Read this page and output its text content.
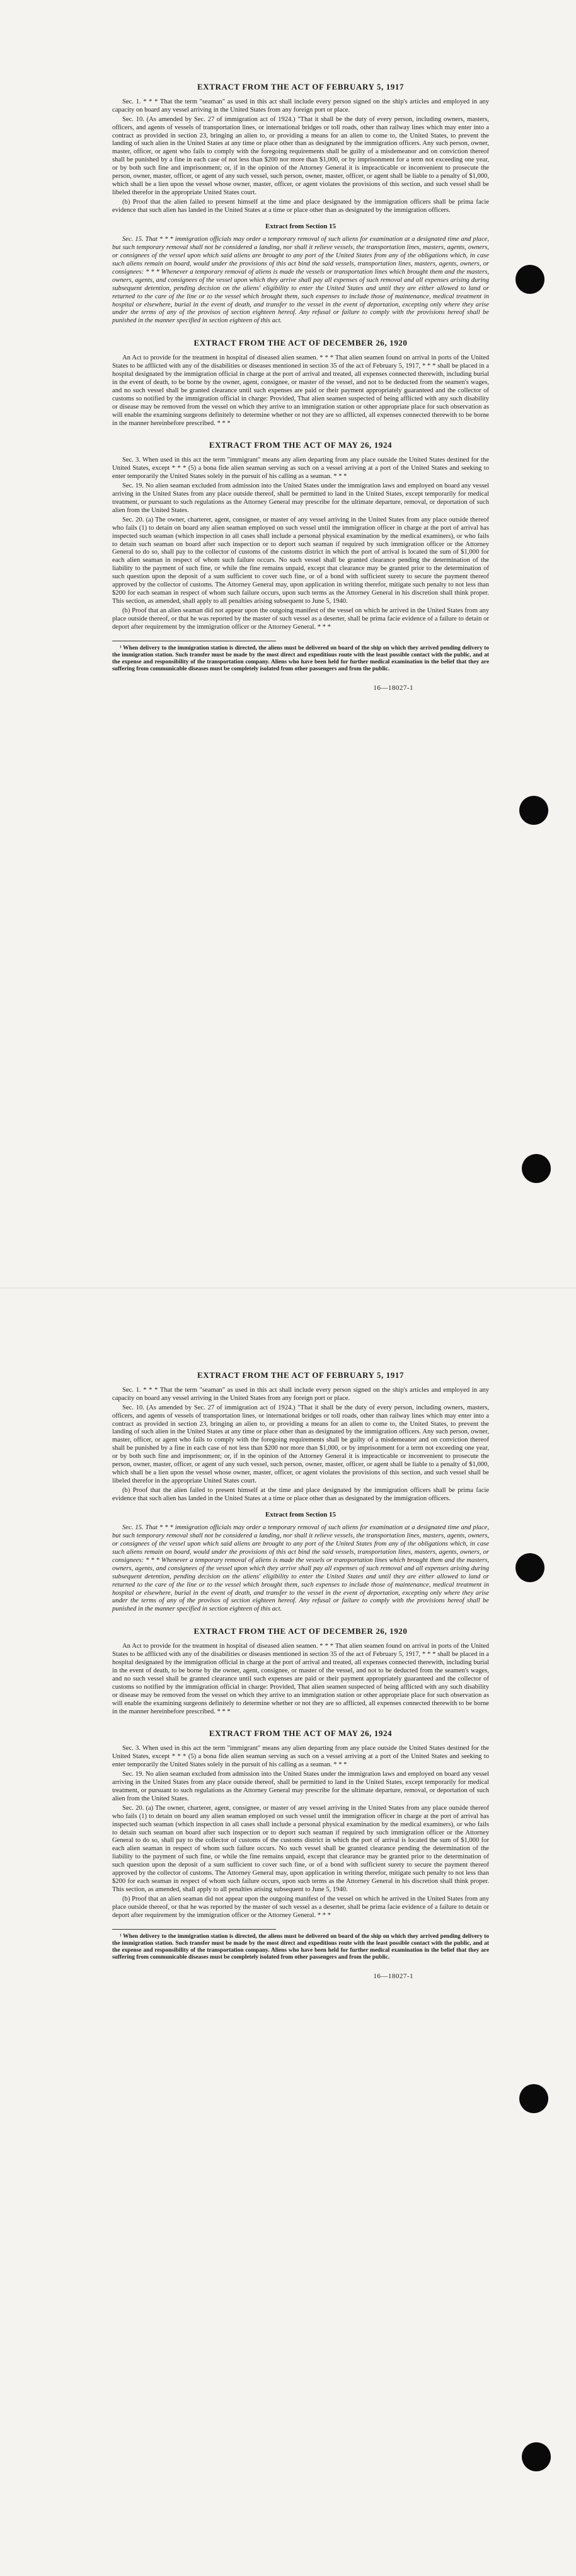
EXTRACT FROM THE ACT OF FEBRUARY 5, 1917

Sec. 1. * * * That the term "seaman" as used in this act shall include every person signed on the ship's articles and employed in any capacity on board any vessel arriving in the United States from any foreign port or place.

Sec. 10. (As amended by Sec. 27 of immigration act of 1924.) "That it shall be the duty of every person, including owners, masters, officers, and agents of vessels of transportation lines, or international bridges or toll roads, other than railway lines which may enter into a contract as provided in section 23, bringing an alien to, or providing a means for an alien to come to, the United States, to prevent the landing of such alien in the United States at any time or place other than as designated by the immigration officers. Any such person, owner, master, officer, or agent who fails to comply with the foregoing requirements shall be guilty of a misdemeanor and on conviction thereof shall be punished by a fine in each case of not less than $200 nor more than $1,000, or by imprisonment for a term not exceeding one year, or by both such fine and imprisonment; or, if in the opinion of the Attorney General it is impracticable or inconvenient to prosecute the person, owner, master, officer, or agent of any such vessel, such person, owner, master, officer, or agent shall be liable to a penalty of $1,000, which shall be a lien upon the vessel whose owner, master, officer, or agent violates the provisions of this section, and such vessel shall be libeled therefor in the appropriate United States court.

(b) Proof that the alien failed to present himself at the time and place designated by the immigration officers shall be prima facie evidence that such alien has landed in the United States at a time or place other than as designated by the immigration officers.

Extract from Section 15

Sec. 15. That * * * immigration officials may order a temporary removal of such aliens for examination at a designated time and place, but such temporary removal shall not be considered a landing, nor shall it relieve vessels, the transportation lines, masters, agents, owners, or consignees of the vessel upon which said aliens are brought to any port of the United States from any of the obligations which, in case such aliens remain on board, would under the provisions of this act bind the said vessels, transportation lines, masters, agents, owners, or consignees: * * * Whenever a temporary removal of aliens is made the vessels or transportation lines which brought them and the masters, owners, agents, and consignees of the vessel upon which they arrive shall pay all expenses of such removal and all expenses arising during subsequent detention, pending decision on the aliens' eligibility to enter the United States and until they are either allowed to land or returned to the care of the line or to the vessel which brought them, such expenses to include those of maintenance, medical treatment in hospital or elsewhere, burial in the event of death, and transfer to the vessel in the event of deportation, excepting only where they arise under the terms of any of the provisos of section eighteen hereof. Any refusal or failure to comply with the provisions hereof shall be punished in the manner specified in section eighteen of this act.

EXTRACT FROM THE ACT OF DECEMBER 26, 1920

An Act to provide for the treatment in hospital of diseased alien seamen. * * * That alien seamen found on arrival in ports of the United States to be afflicted with any of the disabilities or diseases mentioned in section 35 of the act of February 5, 1917, * * * shall be placed in a hospital designated by the immigration official in charge at the port of arrival and treated, all expenses connected therewith, including burial in the event of death, to be borne by the owner, agent, consignee, or master of the vessel, and not to be deducted from the seamen's wages, and no such vessel shall be granted clearance until such expenses are paid or their payment appropriately guaranteed and the collector of customs so notified by the immigration official in charge: Provided, That alien seamen suspected of being afflicted with any such disability or disease may be removed from the vessel on which they arrive to an immigration station or other appropriate place for such observation as will enable the examining surgeons definitely to determine whether or not they are so afflicted, all expenses connected therewith to be borne in the manner hereinbefore prescribed. * * *

EXTRACT FROM THE ACT OF MAY 26, 1924

Sec. 3. When used in this act the term "immigrant" means any alien departing from any place outside the United States destined for the United States, except * * * (5) a bona fide alien seaman serving as such on a vessel arriving at a port of the United States and seeking to enter temporarily the United States solely in the pursuit of his calling as a seaman. * * *

Sec. 19. No alien seaman excluded from admission into the United States under the immigration laws and employed on board any vessel arriving in the United States from any place outside thereof, shall be permitted to land in the United States, except temporarily for medical treatment, or pursuant to such regulations as the Attorney General may prescribe for the ultimate departure, removal, or deportation of such alien from the United States.

Sec. 20. (a) The owner, charterer, agent, consignee, or master of any vessel arriving in the United States from any place outside thereof who fails (1) to detain on board any alien seaman employed on such vessel until the immigration officer in charge at the port of arrival has inspected such seaman (which inspection in all cases shall include a personal physical examination by the medical examiners), or who fails to detain such seaman on board after such inspection or to deport such seaman if required by such immigration officer or the Attorney General to do so, shall pay to the collector of customs of the customs district in which the port of arrival is located the sum of $1,000 for each alien seaman in respect of whom such failure occurs. No such vessel shall be granted clearance pending the determination of the liability to the payment of such fine, or while the fine remains unpaid, except that clearance may be granted prior to the determination of such question upon the deposit of a sum sufficient to cover such fine, or of a bond with sufficient surety to secure the payment thereof approved by the collector of customs. The Attorney General may, upon application in writing therefor, mitigate such penalty to not less than $200 for each seaman in respect of whom such failure occurs, upon such terms as the Attorney General in his discretion shall think proper. This section, as amended, shall apply to all penalties arising subsequent to June 5, 1940.

(b) Proof that an alien seaman did not appear upon the outgoing manifest of the vessel on which he arrived in the United States from any place outside thereof, or that he was reported by the master of such vessel as a deserter, shall be prima facie evidence of a failure to detain or deport after requirement by the immigration officer or the Attorney General. * * *

¹ When delivery to the immigration station is directed, the aliens must be delivered on board of the ship on which they arrived pending delivery to the immigration station. Such transfer must be made by the most direct and expeditious route with the least possible contact with the public, and at the expense and responsibility of the transportation company. Aliens who have been held for further medical examination in the belief that they are suffering from communicable diseases must be completely isolated from other passengers and from the public.

16—18027-1
EXTRACT FROM THE ACT OF FEBRUARY 5, 1917

Sec. 1. * * * That the term "seaman" as used in this act shall include every person signed on the ship's articles and employed in any capacity on board any vessel arriving in the United States from any foreign port or place.

Sec. 10. (As amended by Sec. 27 of immigration act of 1924.) "That it shall be the duty of every person, including owners, masters, officers, and agents of vessels of transportation lines, or international bridges or toll roads, other than railway lines which may enter into a contract as provided in section 23, bringing an alien to, or providing a means for an alien to come to, the United States, to prevent the landing of such alien in the United States at any time or place other than as designated by the immigration officers. Any such person, owner, master, officer, or agent who fails to comply with the foregoing requirements shall be guilty of a misdemeanor and on conviction thereof shall be punished by a fine in each case of not less than $200 nor more than $1,000, or by imprisonment for a term not exceeding one year, or by both such fine and imprisonment; or, if in the opinion of the Attorney General it is impracticable or inconvenient to prosecute the person, owner, master, officer, or agent of any such vessel, such person, owner, master, officer, or agent shall be liable to a penalty of $1,000, which shall be a lien upon the vessel whose owner, master, officer, or agent violates the provisions of this section, and such vessel shall be libeled therefor in the appropriate United States court.

(b) Proof that the alien failed to present himself at the time and place designated by the immigration officers shall be prima facie evidence that such alien has landed in the United States at a time or place other than as designated by the immigration officers.

Extract from Section 15

Sec. 15. That * * * immigration officials may order a temporary removal of such aliens for examination at a designated time and place, but such temporary removal shall not be considered a landing, nor shall it relieve vessels, the transportation lines, masters, agents, owners, or consignees of the vessel upon which said aliens are brought to any port of the United States from any of the obligations which, in case such aliens remain on board, would under the provisions of this act bind the said vessels, transportation lines, masters, agents, owners, or consignees: * * * Whenever a temporary removal of aliens is made the vessels or transportation lines which brought them and the masters, owners, agents, and consignees of the vessel upon which they arrive shall pay all expenses of such removal and all expenses arising during subsequent detention, pending decision on the aliens' eligibility to enter the United States and until they are either allowed to land or returned to the care of the line or to the vessel which brought them, such expenses to include those of maintenance, medical treatment in hospital or elsewhere, burial in the event of death, and transfer to the vessel in the event of deportation, excepting only where they arise under the terms of any of the provisos of section eighteen hereof. Any refusal or failure to comply with the provisions hereof shall be punished in the manner specified in section eighteen of this act.

EXTRACT FROM THE ACT OF DECEMBER 26, 1920

An Act to provide for the treatment in hospital of diseased alien seamen. * * * That alien seamen found on arrival in ports of the United States to be afflicted with any of the disabilities or diseases mentioned in section 35 of the act of February 5, 1917, * * * shall be placed in a hospital designated by the immigration official in charge at the port of arrival and treated, all expenses connected therewith, including burial in the event of death, to be borne by the owner, agent, consignee, or master of the vessel, and not to be deducted from the seamen's wages, and no such vessel shall be granted clearance until such expenses are paid or their payment appropriately guaranteed and the collector of customs so notified by the immigration official in charge: Provided, That alien seamen suspected of being afflicted with any such disability or disease may be removed from the vessel on which they arrive to an immigration station or other appropriate place for such observation as will enable the examining surgeons definitely to determine whether or not they are so afflicted, all expenses connected therewith to be borne in the manner hereinbefore prescribed. * * *

EXTRACT FROM THE ACT OF MAY 26, 1924

Sec. 3. When used in this act the term "immigrant" means any alien departing from any place outside the United States destined for the United States, except * * * (5) a bona fide alien seaman serving as such on a vessel arriving at a port of the United States and seeking to enter temporarily the United States solely in the pursuit of his calling as a seaman. * * *

Sec. 19. No alien seaman excluded from admission into the United States under the immigration laws and employed on board any vessel arriving in the United States from any place outside thereof, shall be permitted to land in the United States, except temporarily for medical treatment, or pursuant to such regulations as the Attorney General may prescribe for the ultimate departure, removal, or deportation of such alien from the United States.

Sec. 20. (a) The owner, charterer, agent, consignee, or master of any vessel arriving in the United States from any place outside thereof who fails (1) to detain on board any alien seaman employed on such vessel until the immigration officer in charge at the port of arrival has inspected such seaman (which inspection in all cases shall include a personal physical examination by the medical examiners), or who fails to detain such seaman on board after such inspection or to deport such seaman if required by such immigration officer or the Attorney General to do so, shall pay to the collector of customs of the customs district in which the port of arrival is located the sum of $1,000 for each alien seaman in respect of whom such failure occurs. No such vessel shall be granted clearance pending the determination of the liability to the payment of such fine, or while the fine remains unpaid, except that clearance may be granted prior to the determination of such question upon the deposit of a sum sufficient to cover such fine, or of a bond with sufficient surety to secure the payment thereof approved by the collector of customs. The Attorney General may, upon application in writing therefor, mitigate such penalty to not less than $200 for each seaman in respect of whom such failure occurs, upon such terms as the Attorney General in his discretion shall think proper. This section, as amended, shall apply to all penalties arising subsequent to June 5, 1940.

(b) Proof that an alien seaman did not appear upon the outgoing manifest of the vessel on which he arrived in the United States from any place outside thereof, or that he was reported by the master of such vessel as a deserter, shall be prima facie evidence of a failure to detain or deport after requirement by the immigration officer or the Attorney General. * * *

¹ When delivery to the immigration station is directed, the aliens must be delivered on board of the ship on which they arrived pending delivery to the immigration station. Such transfer must be made by the most direct and expeditious route with the least possible contact with the public, and at the expense and responsibility of the transportation company. Aliens who have been held for further medical examination in the belief that they are suffering from communicable diseases must be completely isolated from other passengers and from the public.

16—18027-1
